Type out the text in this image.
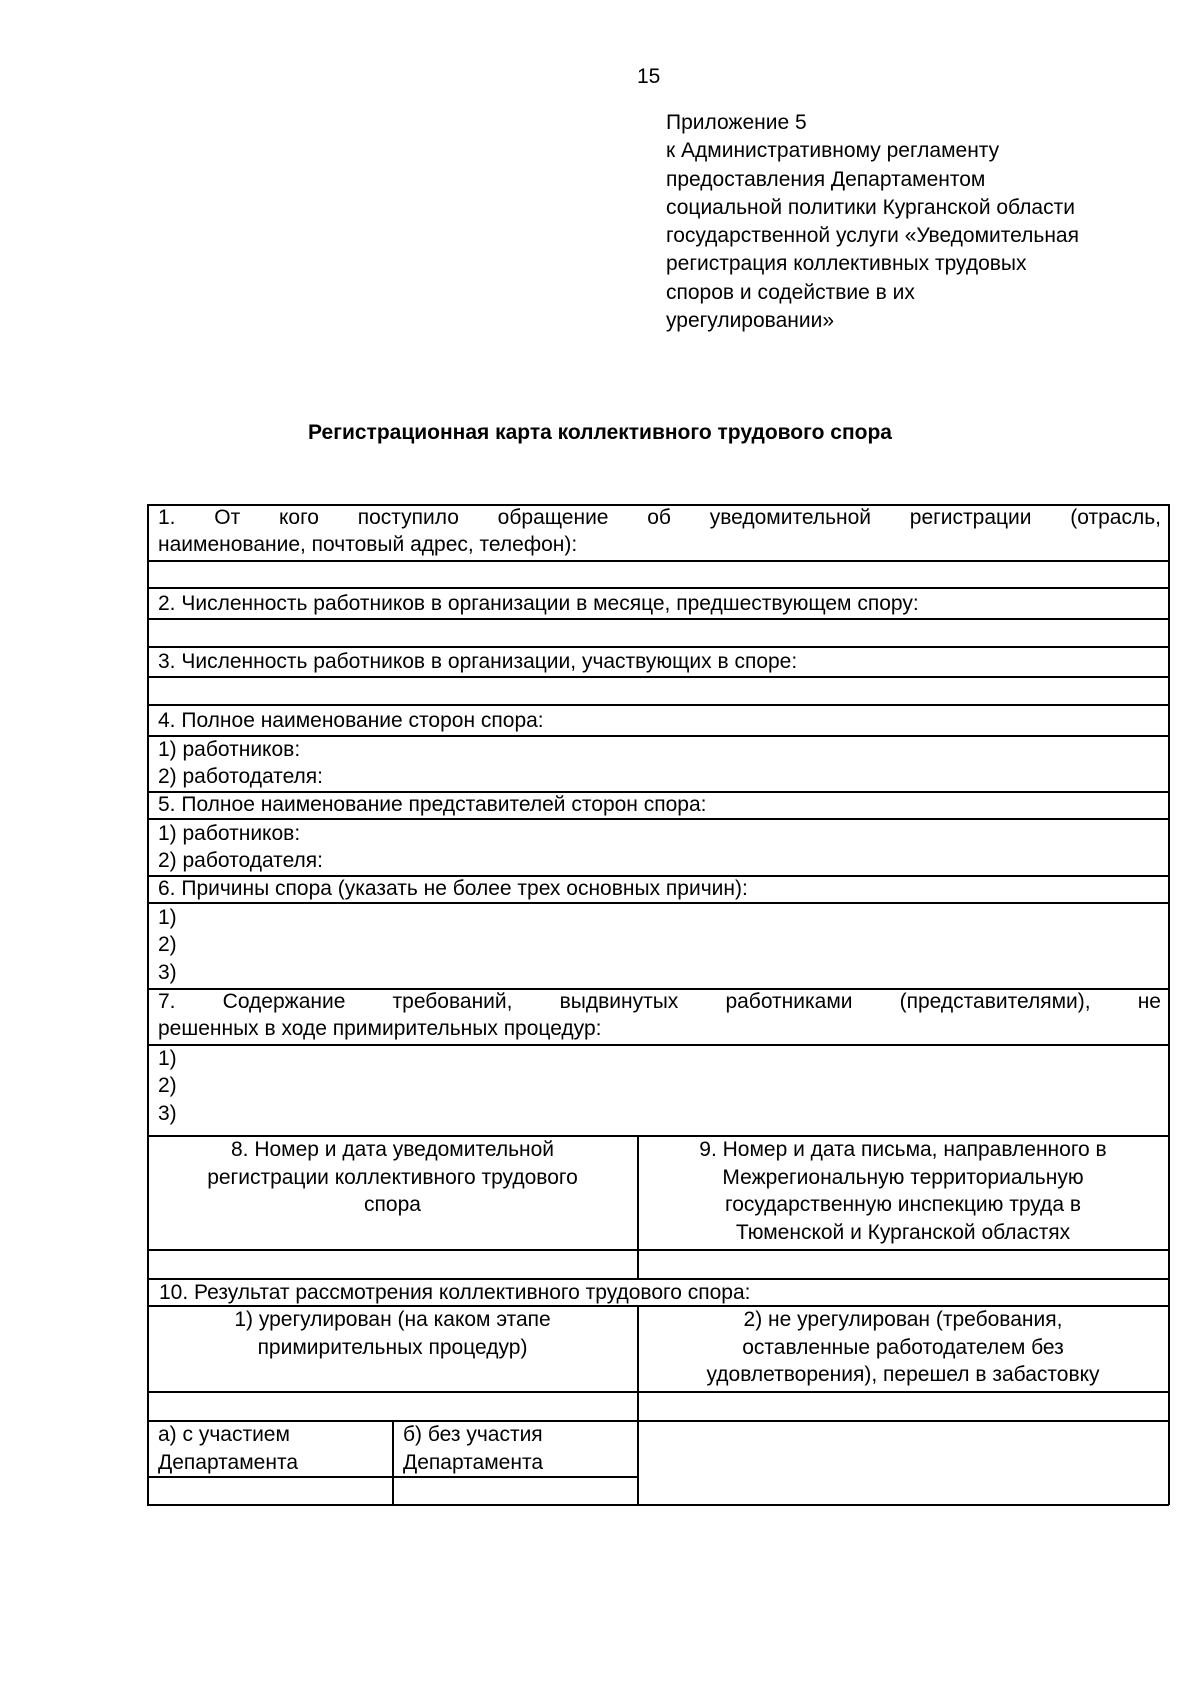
15
Приложение 5
к Административному регламенту
предоставления Департаментом
социальной политики Курганской области
государственной услуги «Уведомительная
регистрация коллективных трудовых
споров и содействие в их
урегулировании»
Регистрационная карта коллективного трудового спора
1. От кого поступило обращение об уведомительной регистрации (отрасль,
наименование, почтовый адрес, телефон):
2. Численность работников в организации в месяце, предшествующем спору:
3. Численность работников в организации, участвующих в споре:
4. Полное наименование сторон спора:
1) работников:
2) работодателя:
5. Полное наименование представителей сторон спора:
1) работников:
2) работодателя:
6. Причины спора (указать не более трех основных причин):
1)
2)
3)
7. Содержание требований, выдвинутых работниками (представителями), не
решенных в ходе примирительных процедур:
1)
2)
3)
8. Номер и дата уведомительной
регистрации коллективного трудового
спора
9. Номер и дата письма, направленного в
Межрегиональную территориальную
государственную инспекцию труда в
Тюменской и Курганской областях
10. Результат рассмотрения коллективного трудового спора:
1) урегулирован (на каком этапе
примирительных процедур)
2) не урегулирован (требования,
оставленные работодателем без
удовлетворения), перешел в забастовку
а) с участием
Департамента
б) без участия
Департамента
